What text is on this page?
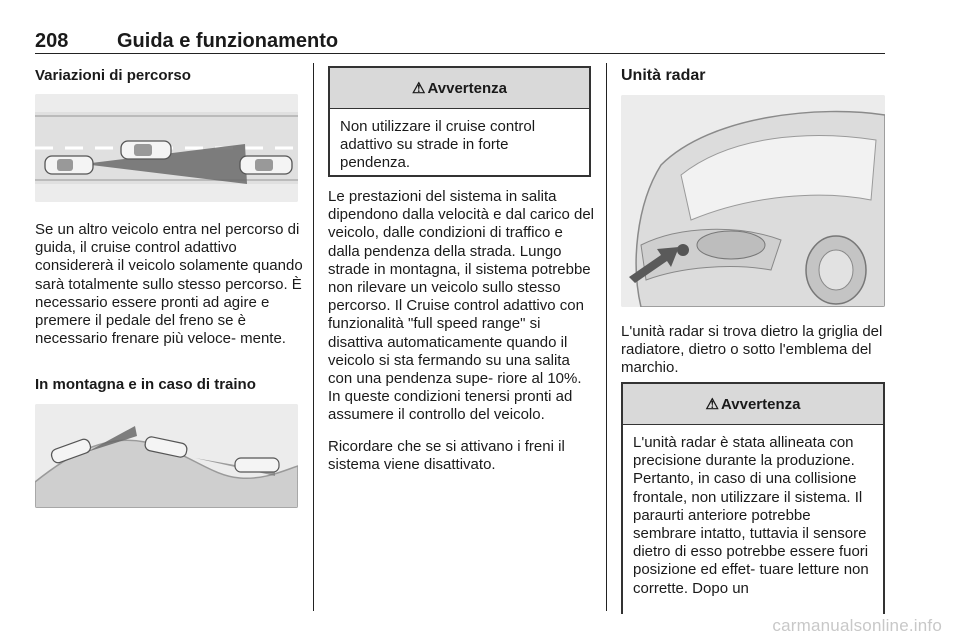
208 Guida e funzionamento
Variazioni di percorso

Se un altro veicolo entra nel percorso di guida, il cruise control adattivo considererà il veicolo solamente quando sarà totalmente sullo stesso percorso. È necessario essere pronti ad agire e premere il pedale del freno se è necessario frenare più veloce- mente.

In montagna e in caso di traino
⚠ Avvertenza

Non utilizzare il cruise control adattivo su strade in forte pendenza.

Le prestazioni del sistema in salita dipendono dalla velocità e dal carico del veicolo, dalle condizioni di traffico e dalla pendenza della strada. Lungo strade in montagna, il sistema potrebbe non rilevare un veicolo sullo stesso percorso. Il Cruise control adattivo con funzionalità "full speed range" si disattiva automaticamente quando il veicolo si sta fermando su una salita con una pendenza supe- riore al 10%. In queste condizioni tenersi pronti ad assumere il controllo del veicolo.

Ricordare che se si attivano i freni il sistema viene disattivato.

Unità radar

L'unità radar si trova dietro la griglia del radiatore, dietro o sotto l'emblema del marchio.

⚠ Avvertenza

L'unità radar è stata allineata con precisione durante la produzione. Pertanto, in caso di una collisione frontale, non utilizzare il sistema. Il paraurti anteriore potrebbe sembrare intatto, tuttavia il sensore dietro di esso potrebbe essere fuori posizione ed effet- tuare letture non corrette. Dopo un

carmanualsonline.info
